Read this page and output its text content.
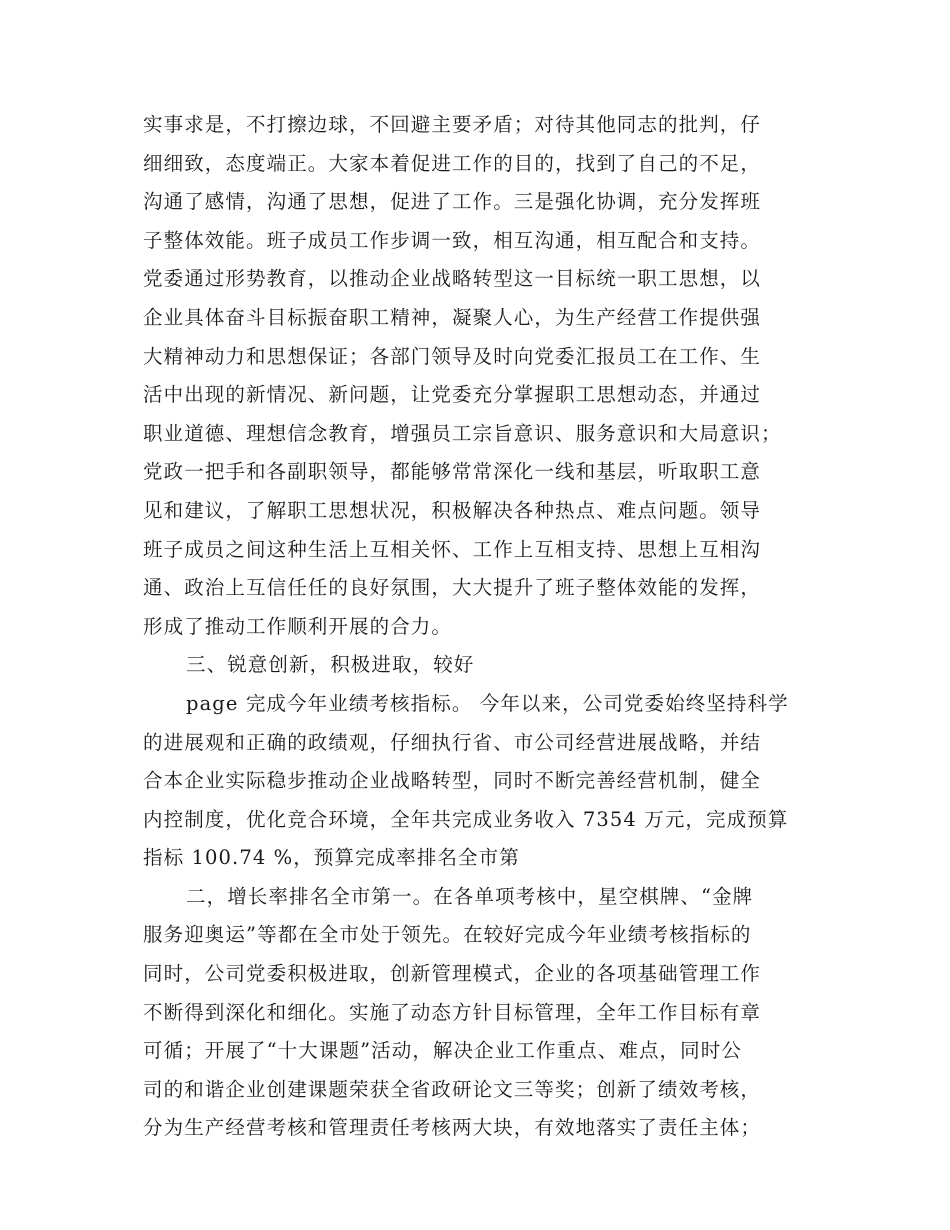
实事求是，不打擦边球，不回避主要矛盾；对待其他同志的批判，仔
细细致，态度端正。大家本着促进工作的目的，找到了自己的不足，
沟通了感情，沟通了思想，促进了工作。三是强化协调，充分发挥班
子整体效能。班子成员工作步调一致，相互沟通，相互配合和支持。
党委通过形势教育，以推动企业战略转型这一目标统一职工思想，以
企业具体奋斗目标振奋职工精神，凝聚人心，为生产经营工作提供强
大精神动力和思想保证；各部门领导及时向党委汇报员工在工作、生
活中出现的新情况、新问题，让党委充分掌握职工思想动态，并通过
职业道德、理想信念教育，增强员工宗旨意识、服务意识和大局意识；
党政一把手和各副职领导，都能够常常深化一线和基层，听取职工意
见和建议，了解职工思想状况，积极解决各种热点、难点问题。领导
班子成员之间这种生活上互相关怀、工作上互相支持、思想上互相沟
通、政治上互信任任的良好氛围，大大提升了班子整体效能的发挥，
形成了推动工作顺利开展的合力。
三、锐意创新，积极进取，较好
page 完成今年业绩考核指标。 今年以来，公司党委始终坚持科学
的进展观和正确的政绩观，仔细执行省、市公司经营进展战略，并结
合本企业实际稳步推动企业战略转型，同时不断完善经营机制，健全
内控制度，优化竞合环境，全年共完成业务收入 7354 万元，完成预算
指标 100.74 %，预算完成率排名全市第
二，增长率排名全市第一。在各单项考核中，星空棋牌、“金牌
服务迎奥运”等都在全市处于领先。在较好完成今年业绩考核指标的
同时，公司党委积极进取，创新管理模式，企业的各项基础管理工作
不断得到深化和细化。实施了动态方针目标管理，全年工作目标有章
可循；开展了“十大课题”活动，解决企业工作重点、难点，同时公
司的和谐企业创建课题荣获全省政研论文三等奖；创新了绩效考核，
分为生产经营考核和管理责任考核两大块，有效地落实了责任主体；
